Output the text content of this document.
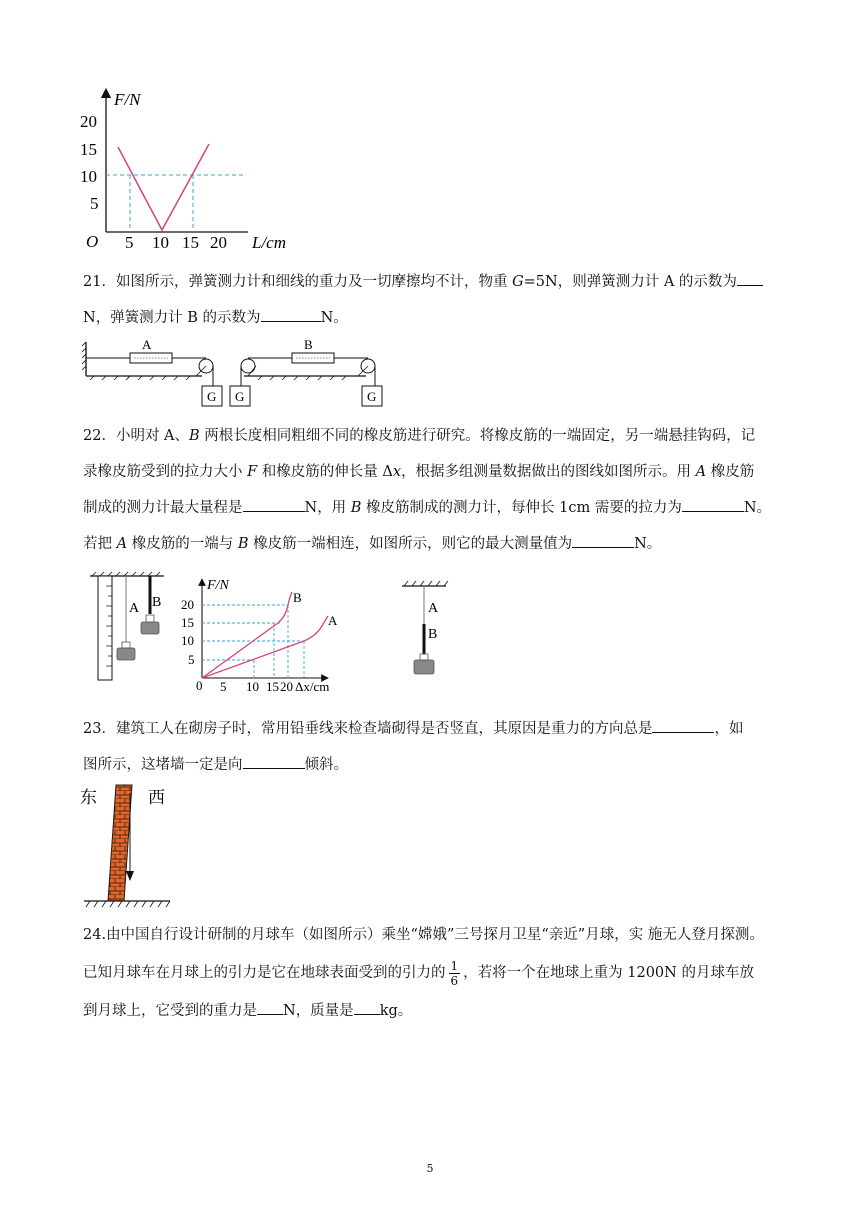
F/N
L/cm
O
20
15
10
5
5 10 15 20
21．如图所示，弹簧测力计和细线的重力及一切摩擦均不计，物重 G=5N，则弹簧测力计 A 的示数为
N，弹簧测力计 B 的示数为	N。
A
G G
B
G
22．小明对 A、B 两根长度相同粗细不同的橡皮筋进行研究。将橡皮筋的一端固定，另一端悬挂钩码，记
录橡皮筋受到的拉力大小 F 和橡皮筋的伸长量 Δx，根据多组测量数据做出的图线如图所示。用 A 橡皮筋
制成的测力计最大量程是	N，用 B 橡皮筋制成的测力计，每伸长 1cm 需要的拉力为	N。
若把 A 橡皮筋的一端与 B 橡皮筋一端相连，如图所示，则它的最大测量值为	N。
A B
F/N
Δx/cm
0
20
15
10
5
5 10 15 20
B
A
A
B
23．建筑工人在砌房子时，常用铅垂线来检查墙砌得是否竖直，其原因是重力的方向总是	，如
图所示，这堵墙一定是向	倾斜。
东	西
24.由中国自行设计研制的月球车（如图所示）乘坐“嫦娥”三号探月卫星“亲近”月球，实 施无人登月探测。
已知月球车在月球上的引力是它在地球表面受到的引力的 $\frac{1}{6}$ ，若将一个在地球上重为 1200N 的月球车放
到月球上，它受到的重力是 N，质量是 kg。
5
